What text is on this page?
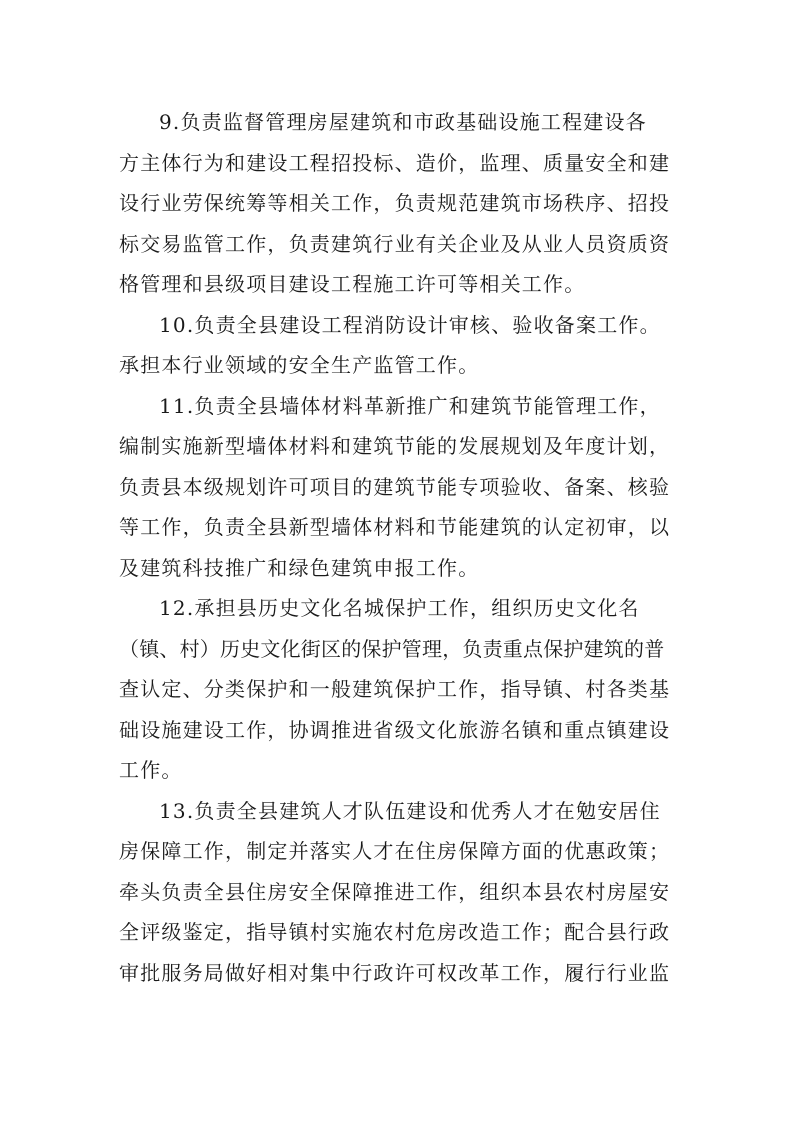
9.负责监督管理房屋建筑和市政基础设施工程建设各
方主体行为和建设工程招投标、造价，监理、质量安全和建
设行业劳保统筹等相关工作，负责规范建筑市场秩序、招投
标交易监管工作，负责建筑行业有关企业及从业人员资质资
格管理和县级项目建设工程施工许可等相关工作。
10.负责全县建设工程消防设计审核、验收备案工作。
承担本行业领域的安全生产监管工作。
11.负责全县墙体材料革新推广和建筑节能管理工作，
编制实施新型墙体材料和建筑节能的发展规划及年度计划，
负责县本级规划许可项目的建筑节能专项验收、备案、核验
等工作，负责全县新型墙体材料和节能建筑的认定初审，以
及建筑科技推广和绿色建筑申报工作。
12.承担县历史文化名城保护工作，组织历史文化名
（镇、村）历史文化街区的保护管理，负责重点保护建筑的普
查认定、分类保护和一般建筑保护工作，指导镇、村各类基
础设施建设工作，协调推进省级文化旅游名镇和重点镇建设
工作。
13.负责全县建筑人才队伍建设和优秀人才在勉安居住
房保障工作，制定并落实人才在住房保障方面的优惠政策；
牵头负责全县住房安全保障推进工作，组织本县农村房屋安
全评级鉴定，指导镇村实施农村危房改造工作；配合县行政
审批服务局做好相对集中行政许可权改革工作，履行行业监
